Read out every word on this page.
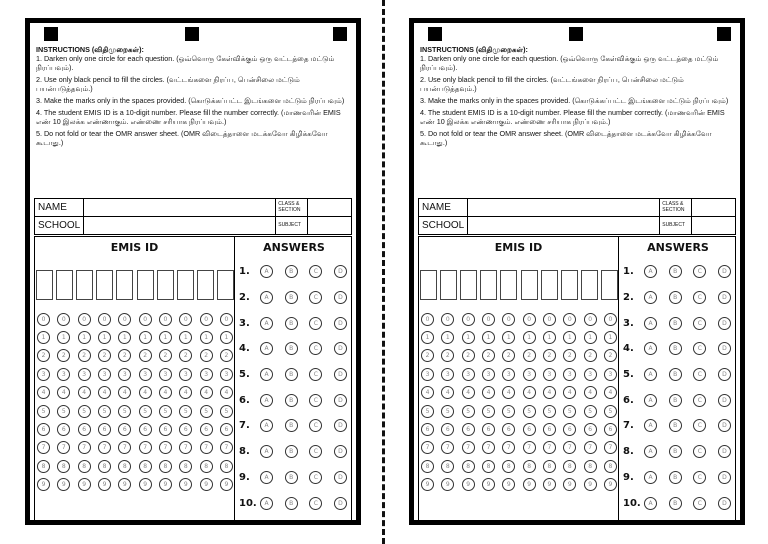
INSTRUCTIONS (விதிமுறைகள்):
1. Darken only one circle for each question. (ஒவ்வொரு கேள்விக்கும் ஒரு வட்டத்தை மட்டும் நிரப்பவும்).
2. Use only black pencil to fill the circles. (வட்டங்களை நிரப்ப, பென்சிலை மட்டும் பயன்படுத்தவும்.)
3. Make the marks only in the spaces provided. (கொடுக்கப்பட்ட இடங்களை மட்டும் நிரப்பவும்)
4. The student EMIS ID is a 10-digit number. Please fill the number correctly. (மாணவரின் EMIS எண் 10 இலக்க எண்ணாகும். எண்ணை சரியாக நிரப்பவும்.)
5. Do not fold or tear the OMR answer sheet. (OMR விடைத்தாளை மடக்கவோ கிழிக்கவோ கூடாது.)
NAME		CLASS & SECTION	
SCHOOL		SUBJECT	
EMIS ID
0	0	0	0	0	0	0	0	0	0
1	1	1	1	1	1	1	1	1	1
2	2	2	2	2	2	2	2	2	2
3	3	3	3	3	3	3	3	3	3
4	4	4	4	4	4	4	4	4	4
5	5	5	5	5	5	5	5	5	5
6	6	6	6	6	6	6	6	6	6
7	7	7	7	7	7	7	7	7	7
8	8	8	8	8	8	8	8	8	8
9	9	9	9	9	9	9	9	9	9
ANSWERS
1.	A	B	C	D
2.	A	B	C	D
3.	A	B	C	D
4.	A	B	C	D
5.	A	B	C	D
6.	A	B	C	D
7.	A	B	C	D
8.	A	B	C	D
9.	A	B	C	D
10.	A	B	C	D
INSTRUCTIONS (விதிமுறைகள்):
1. Darken only one circle for each question. (ஒவ்வொரு கேள்விக்கும் ஒரு வட்டத்தை மட்டும் நிரப்பவும்).
2. Use only black pencil to fill the circles. (வட்டங்களை நிரப்ப, பென்சிலை மட்டும் பயன்படுத்தவும்.)
3. Make the marks only in the spaces provided. (கொடுக்கப்பட்ட இடங்களை மட்டும் நிரப்பவும்)
4. The student EMIS ID is a 10-digit number. Please fill the number correctly. (மாணவரின் EMIS எண் 10 இலக்க எண்ணாகும். எண்ணை சரியாக நிரப்பவும்.)
5. Do not fold or tear the OMR answer sheet. (OMR விடைத்தாளை மடக்கவோ கிழிக்கவோ கூடாது.)
NAME		CLASS & SECTION	
SCHOOL		SUBJECT	
EMIS ID
0	0	0	0	0	0	0	0	0	0
1	1	1	1	1	1	1	1	1	1
2	2	2	2	2	2	2	2	2	2
3	3	3	3	3	3	3	3	3	3
4	4	4	4	4	4	4	4	4	4
5	5	5	5	5	5	5	5	5	5
6	6	6	6	6	6	6	6	6	6
7	7	7	7	7	7	7	7	7	7
8	8	8	8	8	8	8	8	8	8
9	9	9	9	9	9	9	9	9	9
ANSWERS
1.	A	B	C	D
2.	A	B	C	D
3.	A	B	C	D
4.	A	B	C	D
5.	A	B	C	D
6.	A	B	C	D
7.	A	B	C	D
8.	A	B	C	D
9.	A	B	C	D
10.	A	B	C	D
